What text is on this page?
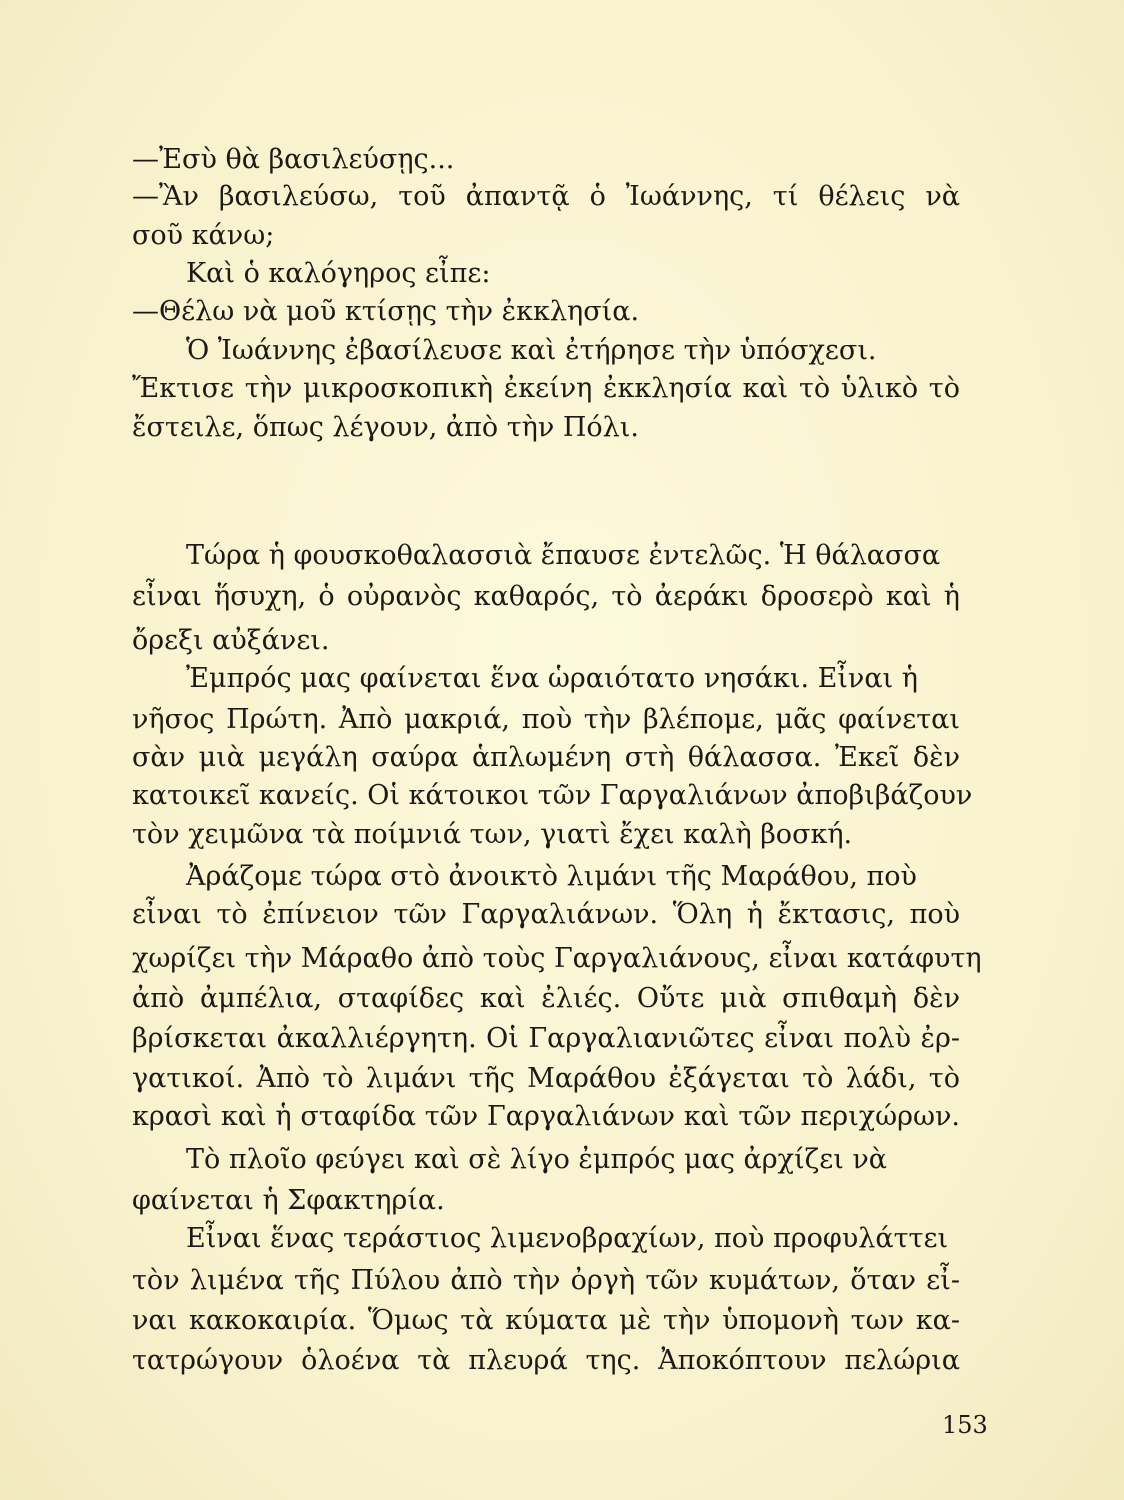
—Ἐσὺ θὰ βασιλεύσῃς...
—Ἂν βασιλεύσω, τοῦ ἀπαντᾷ ὁ Ἰωάννης, τί θέλεις νὰ
σοῦ κάνω;
Καὶ ὁ καλόγηρος εἶπε:
—Θέλω νὰ μοῦ κτίσῃς τὴν ἐκκλησία.
Ὁ Ἰωάννης ἐβασίλευσε καὶ ἐτήρησε τὴν ὑπόσχεσι.
Ἔκτισε τὴν μικροσκοπικὴ ἐκείνη ἐκκλησία καὶ τὸ ὑλικὸ τὸ
ἔστειλε, ὅπως λέγουν, ἀπὸ τὴν Πόλι.
Τώρα ἡ φουσκοθαλασσιὰ ἔπαυσε ἐντελῶς. Ἡ θάλασσα
εἶναι ἥσυχη, ὁ οὐρανὸς καθαρός, τὸ ἀεράκι δροσερὸ καὶ ἡ
ὄρεξι αὐξάνει.
Ἐμπρός μας φαίνεται ἕνα ὡραιότατο νησάκι. Εἶναι ἡ
νῆσος Πρώτη. Ἀπὸ μακριά, ποὺ τὴν βλέπομε, μᾶς φαίνεται
σὰν μιὰ μεγάλη σαύρα ἁπλωμένη στὴ θάλασσα. Ἐκεῖ δὲν
κατοικεῖ κανείς. Οἱ κάτοικοι τῶν Γαργαλιάνων ἀποβιβάζουν
τὸν χειμῶνα τὰ ποίμνιά των, γιατὶ ἔχει καλὴ βοσκή.
Ἀράζομε τώρα στὸ ἀνοικτὸ λιμάνι τῆς Μαράθου, ποὺ
εἶναι τὸ ἐπίνειον τῶν Γαργαλιάνων. Ὅλη ἡ ἔκτασις, ποὺ
χωρίζει τὴν Μάραθο ἀπὸ τοὺς Γαργαλιάνους, εἶναι κατάφυτη
ἀπὸ ἀμπέλια, σταφίδες καὶ ἐλιές. Οὔτε μιὰ σπιθαμὴ δὲν
βρίσκεται ἀκαλλιέργητη. Οἱ Γαργαλιανιῶτες εἶναι πολὺ ἐρ-
γατικοί. Ἀπὸ τὸ λιμάνι τῆς Μαράθου ἐξάγεται τὸ λάδι, τὸ
κρασὶ καὶ ἡ σταφίδα τῶν Γαργαλιάνων καὶ τῶν περιχώρων.
Τὸ πλοῖο φεύγει καὶ σὲ λίγο ἐμπρός μας ἀρχίζει νὰ
φαίνεται ἡ Σφακτηρία.
Εἶναι ἕνας τεράστιος λιμενοβραχίων, ποὺ προφυλάττει
τὸν λιμένα τῆς Πύλου ἀπὸ τὴν ὀργὴ τῶν κυμάτων, ὅταν εἶ-
ναι κακοκαιρία. Ὅμως τὰ κύματα μὲ τὴν ὑπομονὴ των κα-
τατρώγουν ὁλοένα τὰ πλευρά της. Ἀποκόπτουν πελώρια
153
